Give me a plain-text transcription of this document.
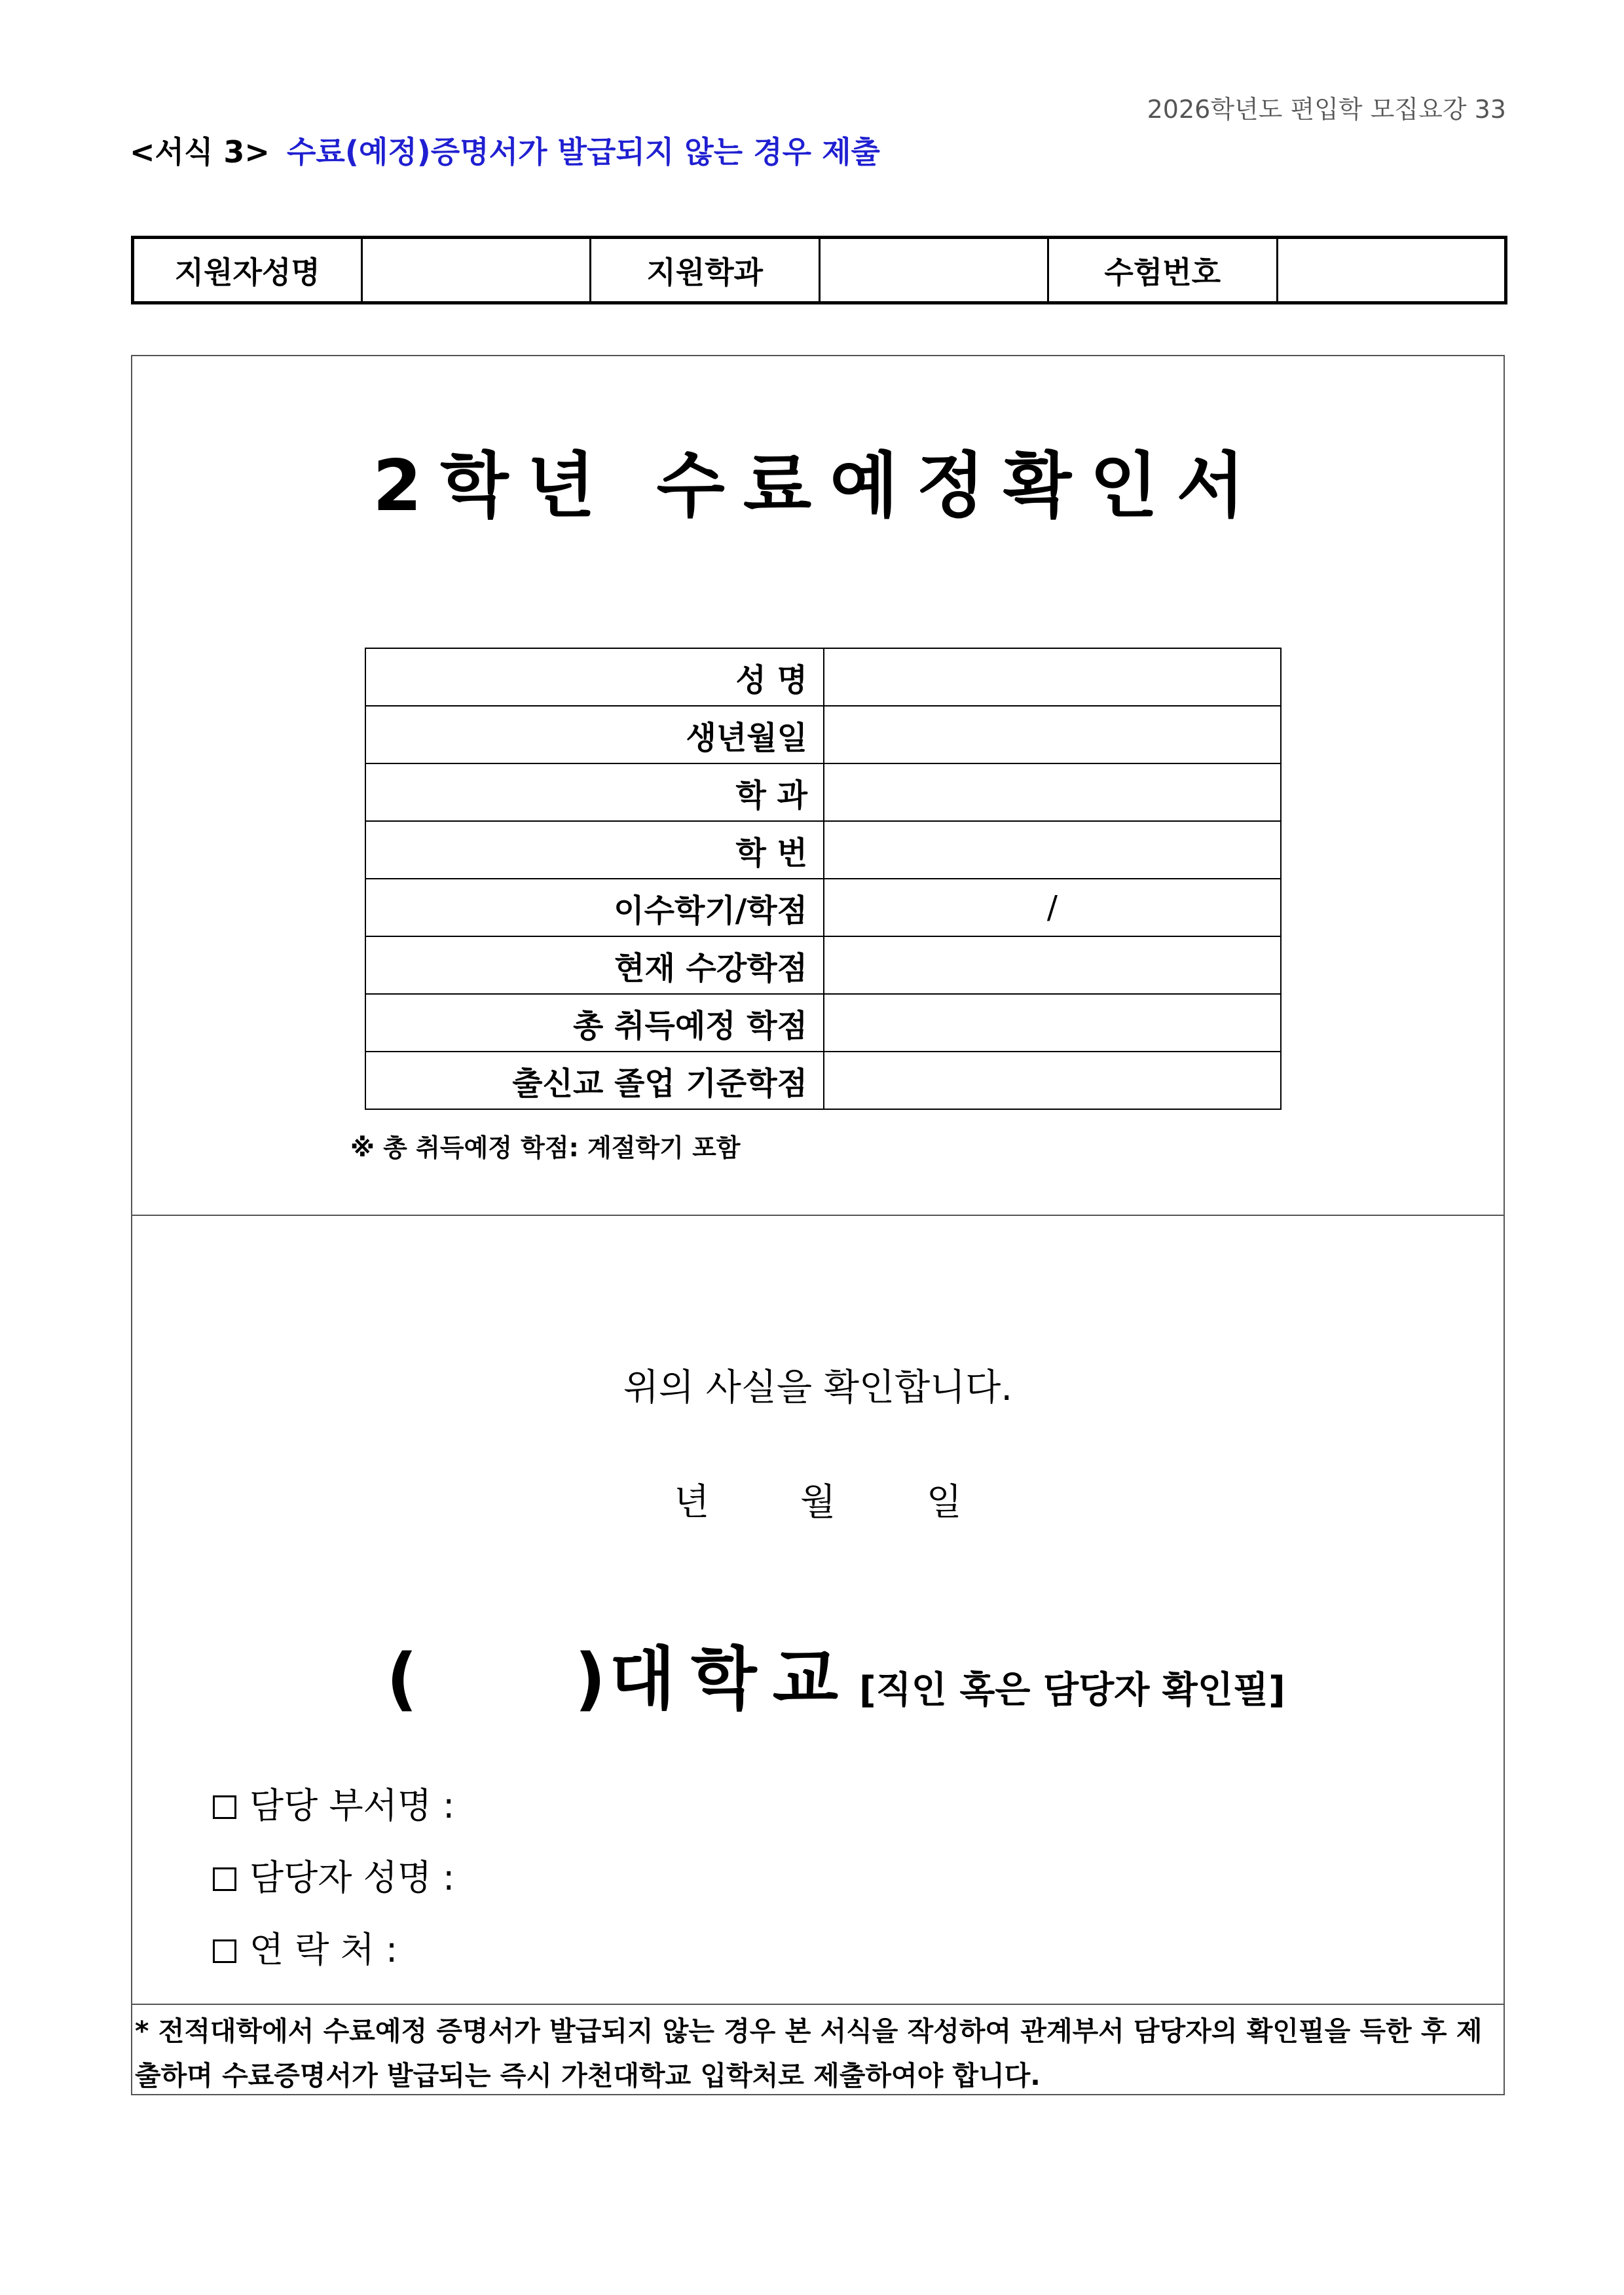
2026학년도 편입학 모집요강 33
<서식 3> 수료(예정)증명서가 발급되지 않는 경우 제출
지원자성명		지원학과		수험번호	
2학년 수료예정확인서
성 명	
생년월일	
학 과	
학 번	
이수학기/학점	/
현재 수강학점	
총 취득예정 학점	
출신교 졸업 기준학점	
※ 총 취득예정 학점: 계절학기 포함
위의 사실을 확인합니다.
년 월 일
( ) 대학교 [직인 혹은 담당자 확인필]
담당 부서명 :
담당자 성명 :
연 락 처 :
* 전적대학에서 수료예정 증명서가 발급되지 않는 경우 본 서식을 작성하여 관계부서 담당자의 확인필을 득한 후 제출하며 수료증명서가 발급되는 즉시 가천대학교 입학처로 제출하여야 합니다.
